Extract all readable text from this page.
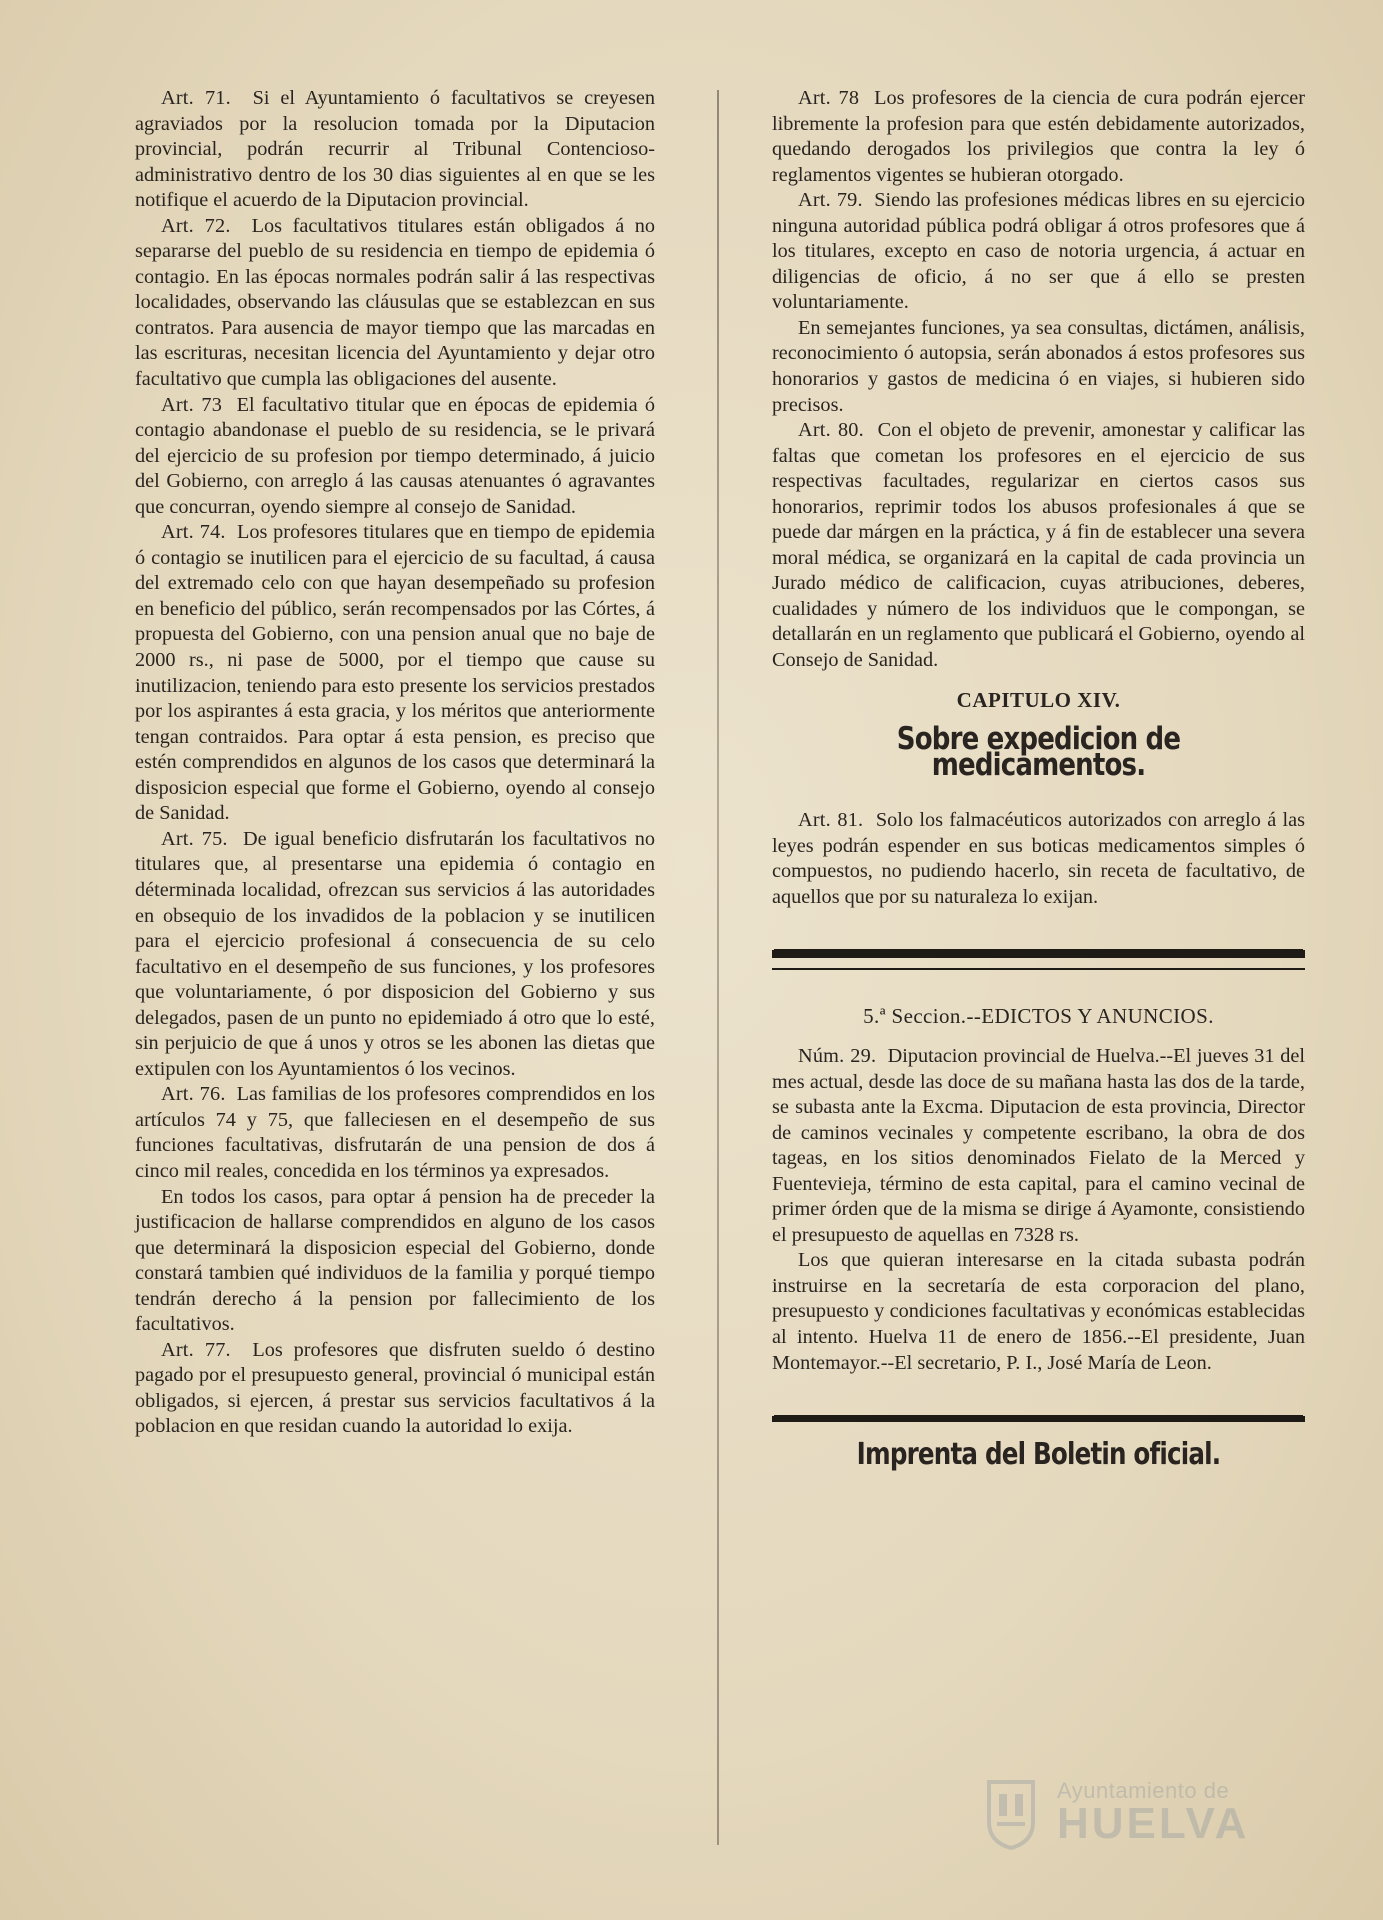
Art. 71. Si el Ayuntamiento ó facultativos se creyesen agraviados por la resolucion tomada por la Diputacion provincial, podrán recurrir al Tribunal Contencioso-administrativo dentro de los 30 dias siguientes al en que se les notifique el acuerdo de la Diputacion provincial.

Art. 72. Los facultativos titulares están obligados á no separarse del pueblo de su residencia en tiempo de epidemia ó contagio. En las épocas normales podrán salir á las respectivas localidades, observando las cláusulas que se establezcan en sus contratos. Para ausencia de mayor tiempo que las marcadas en las escrituras, necesitan licencia del Ayuntamiento y dejar otro facultativo que cumpla las obligaciones del ausente.

Art. 73 El facultativo titular que en épocas de epidemia ó contagio abandonase el pueblo de su residencia, se le privará del ejercicio de su profesion por tiempo determinado, á juicio del Gobierno, con arreglo á las causas atenuantes ó agravantes que concurran, oyendo siempre al consejo de Sanidad.

Art. 74. Los profesores titulares que en tiempo de epidemia ó contagio se inutilicen para el ejercicio de su facultad, á causa del extremado celo con que hayan desempeñado su profesion en beneficio del público, serán recompensados por las Córtes, á propuesta del Gobierno, con una pension anual que no baje de 2000 rs., ni pase de 5000, por el tiempo que cause su inutilizacion, teniendo para esto presente los servicios prestados por los aspirantes á esta gracia, y los méritos que anteriormente tengan contraidos. Para optar á esta pension, es preciso que estén comprendidos en algunos de los casos que determinará la disposicion especial que forme el Gobierno, oyendo al consejo de Sanidad.

Art. 75. De igual beneficio disfrutarán los facultativos no titulares que, al presentarse una epidemia ó contagio en déterminada localidad, ofrezcan sus servicios á las autoridades en obsequio de los invadidos de la poblacion y se inutilicen para el ejercicio profesional á consecuencia de su celo facultativo en el desempeño de sus funciones, y los profesores que voluntariamente, ó por disposicion del Gobierno y sus delegados, pasen de un punto no epidemiado á otro que lo esté, sin perjuicio de que á unos y otros se les abonen las dietas que extipulen con los Ayuntamientos ó los vecinos.

Art. 76. Las familias de los profesores comprendidos en los artículos 74 y 75, que falleciesen en el desempeño de sus funciones facultativas, disfrutarán de una pension de dos á cinco mil reales, concedida en los términos ya expresados.

En todos los casos, para optar á pension ha de preceder la justificacion de hallarse comprendidos en alguno de los casos que determinará la disposicion especial del Gobierno, donde constará tambien qué individuos de la familia y porqué tiempo tendrán derecho á la pension por fallecimiento de los facultativos.

Art. 77. Los profesores que disfruten sueldo ó destino pagado por el presupuesto general, provincial ó municipal están obligados, si ejercen, á prestar sus servicios facultativos á la poblacion en que residan cuando la autoridad lo exija.

Art. 78 Los profesores de la ciencia de cura podrán ejercer libremente la profesion para que estén debidamente autorizados, quedando derogados los privilegios que contra la ley ó reglamentos vigentes se hubieran otorgado.

Art. 79. Siendo las profesiones médicas libres en su ejercicio ninguna autoridad pública podrá obligar á otros profesores que á los titulares, excepto en caso de notoria urgencia, á actuar en diligencias de oficio, á no ser que á ello se presten voluntariamente.

En semejantes funciones, ya sea consultas, dictámen, análisis, reconocimiento ó autopsia, serán abonados á estos profesores sus honorarios y gastos de medicina ó en viajes, si hubieren sido precisos.

Art. 80. Con el objeto de prevenir, amonestar y calificar las faltas que cometan los profesores en el ejercicio de sus respectivas facultades, regularizar en ciertos casos sus honorarios, reprimir todos los abusos profesionales á que se puede dar márgen en la práctica, y á fin de establecer una severa moral médica, se organizará en la capital de cada provincia un Jurado médico de calificacion, cuyas atribuciones, deberes, cualidades y número de los individuos que le compongan, se detallarán en un reglamento que publicará el Gobierno, oyendo al Consejo de Sanidad.

CAPITULO XIV.
Sobre expedicion de medicamentos.

Art. 81. Solo los falmacéuticos autorizados con arreglo á las leyes podrán espender en sus boticas medicamentos simples ó compuestos, no pudiendo hacerlo, sin receta de facultativo, de aquellos que por su naturaleza lo exijan.

5.ª Seccion.--EDICTOS Y ANUNCIOS.

Núm. 29. Diputacion provincial de Huelva.--El jueves 31 del mes actual, desde las doce de su mañana hasta las dos de la tarde, se subasta ante la Excma. Diputacion de esta provincia, Director de caminos vecinales y competente escribano, la obra de dos tageas, en los sitios denominados Fielato de la Merced y Fuentevieja, término de esta capital, para el camino vecinal de primer órden que de la misma se dirige á Ayamonte, consistiendo el presupuesto de aquellas en 7328 rs.

Los que quieran interesarse en la citada subasta podrán instruirse en la secretaría de esta corporacion del plano, presupuesto y condiciones facultativas y económicas establecidas al intento. Huelva 11 de enero de 1856.--El presidente, Juan Montemayor.--El secretario, P. I., José María de Leon.

Imprenta del Boletin oficial.
Ayuntamiento de
HUELVA
